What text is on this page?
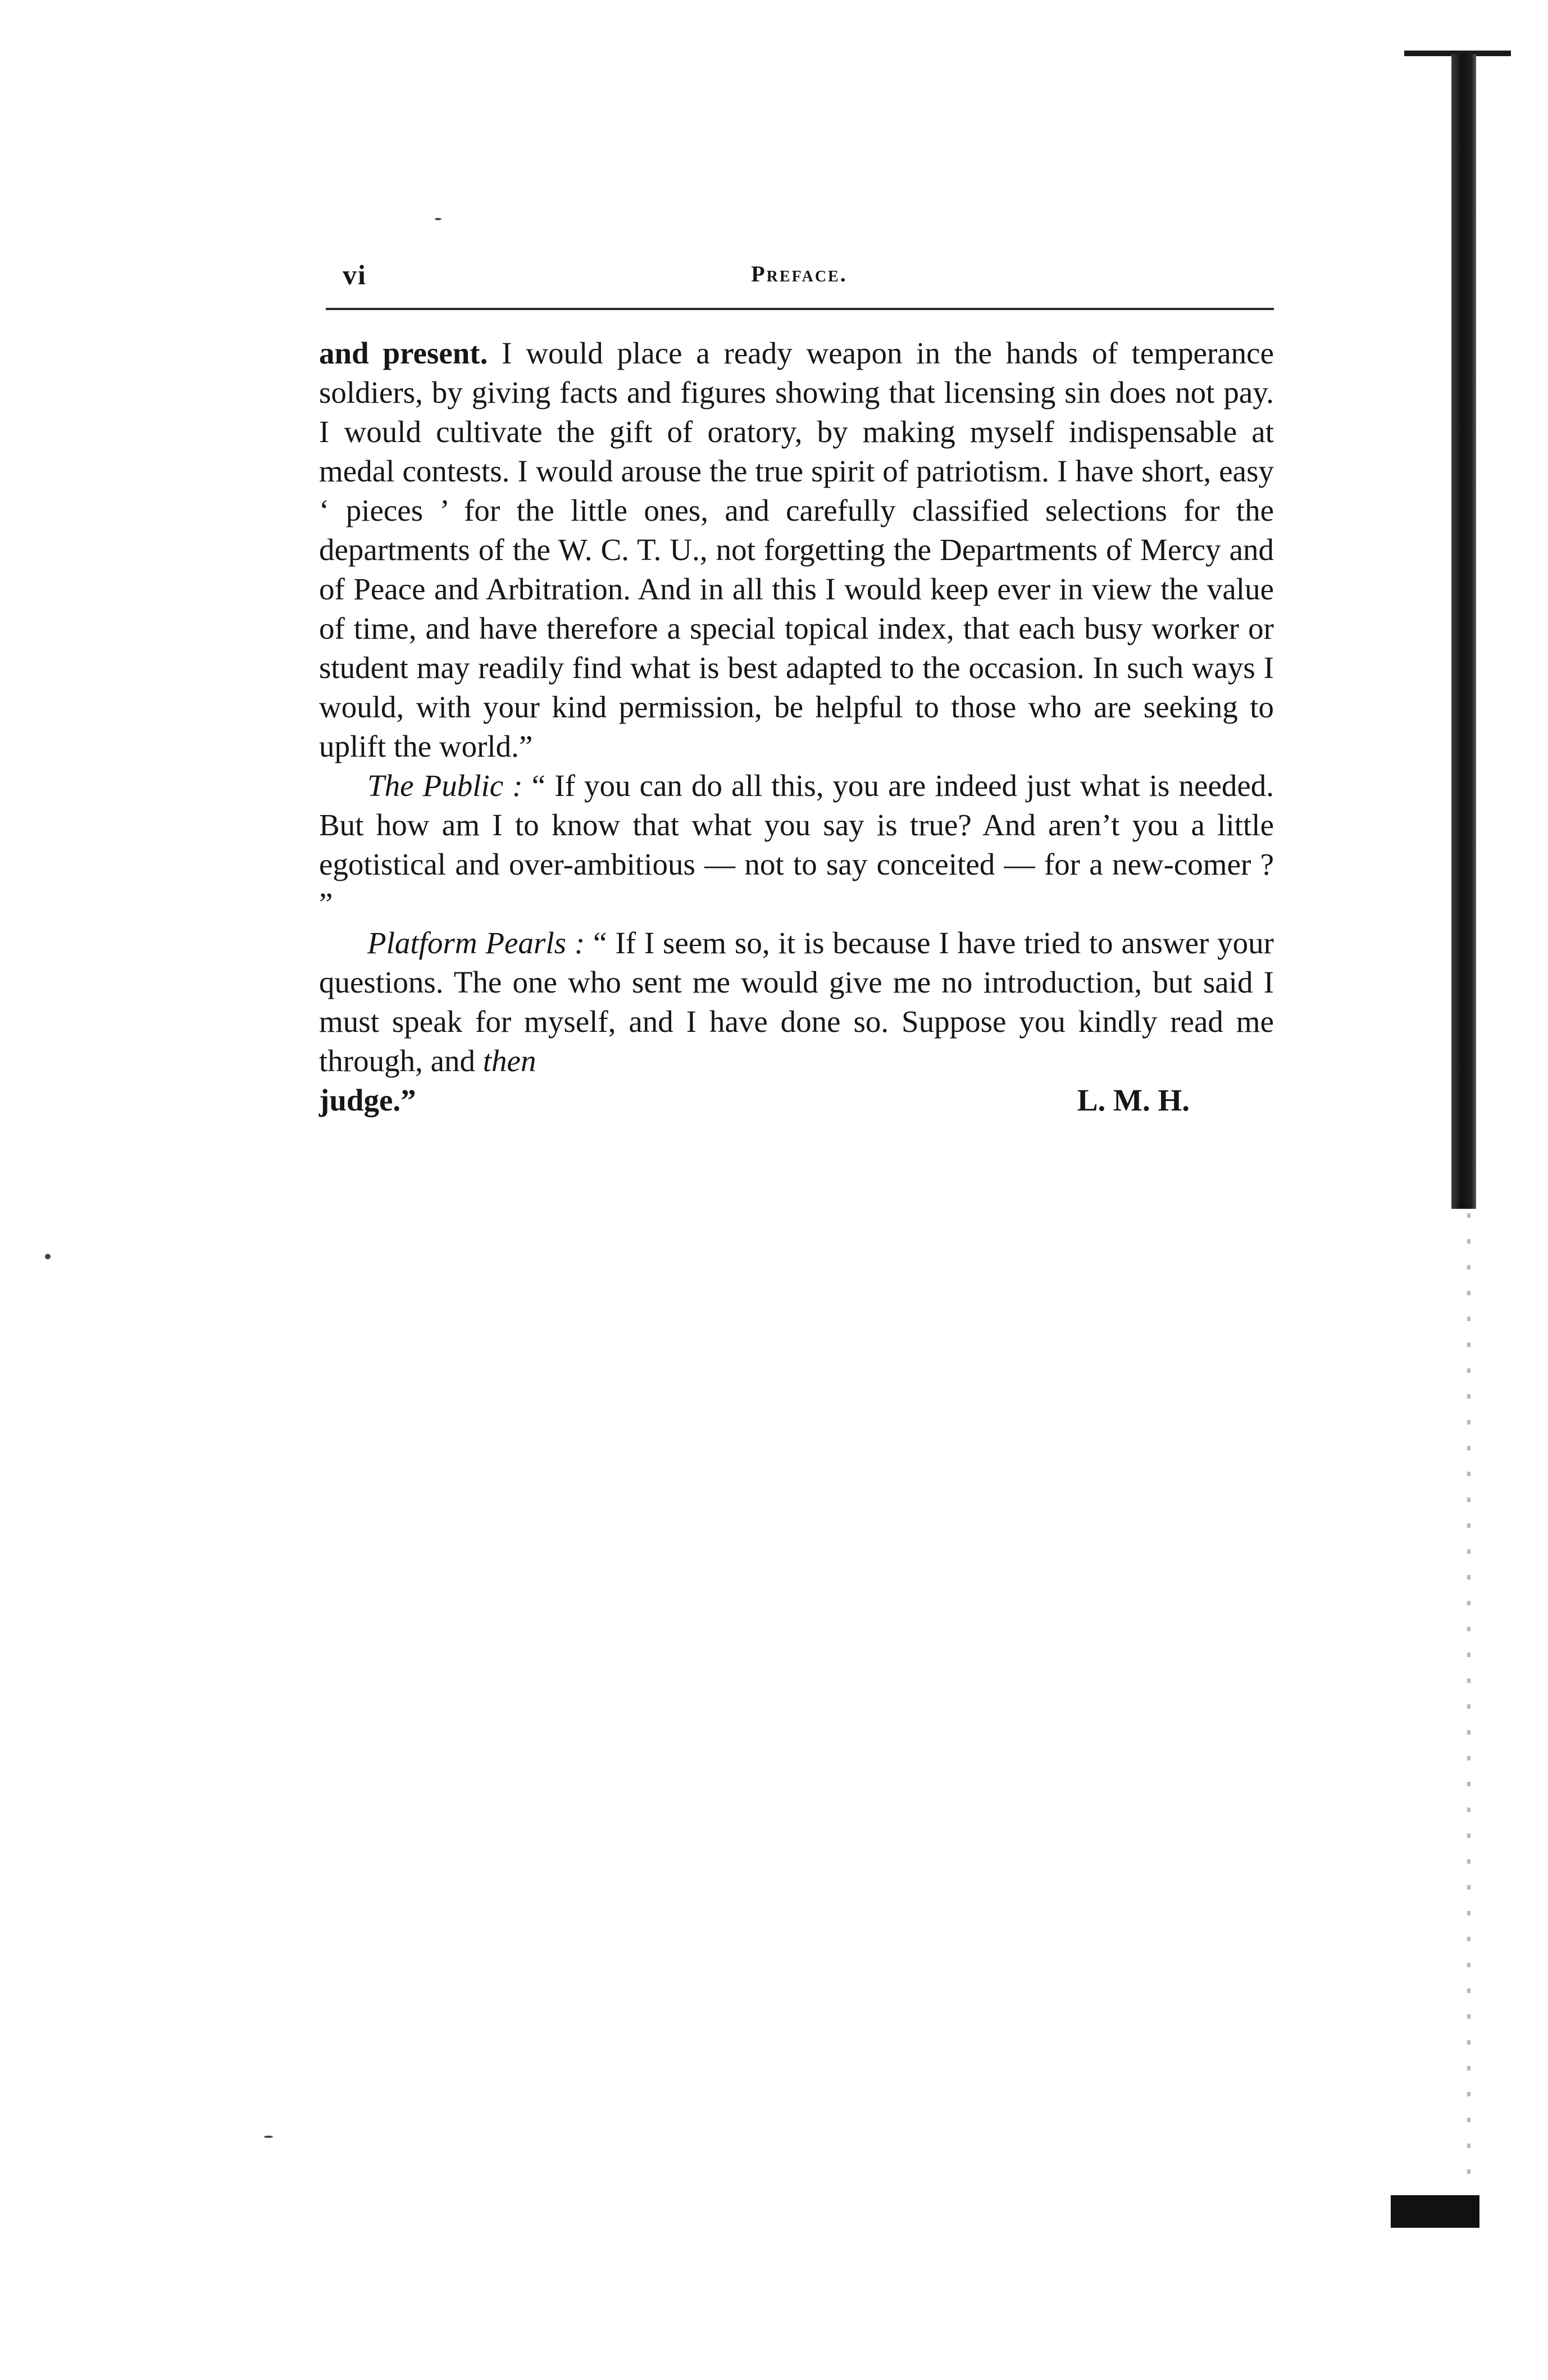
vi	Preface.

and present. I would place a ready weapon in the hands of temperance soldiers, by giving facts and figures showing that licensing sin does not pay. I would cultivate the gift of oratory, by making myself indispensable at medal contests. I would arouse the true spirit of patriotism. I have short, easy ‘ pieces ’ for the little ones, and carefully classified selections for the departments of the W. C. T. U., not forgetting the Departments of Mercy and of Peace and Arbitration. And in all this I would keep ever in view the value of time, and have therefore a special topical index, that each busy worker or student may readily find what is best adapted to the occasion. In such ways I would, with your kind permission, be helpful to those who are seeking to uplift the world.”

The Public : “ If you can do all this, you are indeed just what is needed. But how am I to know that what you say is true? And aren’t you a little egotistical and over-ambitious — not to say conceited — for a new-comer ? ”

Platform Pearls : “ If I seem so, it is because I have tried to answer your questions. The one who sent me would give me no introduction, but said I must speak for myself, and I have done so. Suppose you kindly read me through, and then

judge.”	L. M. H.
